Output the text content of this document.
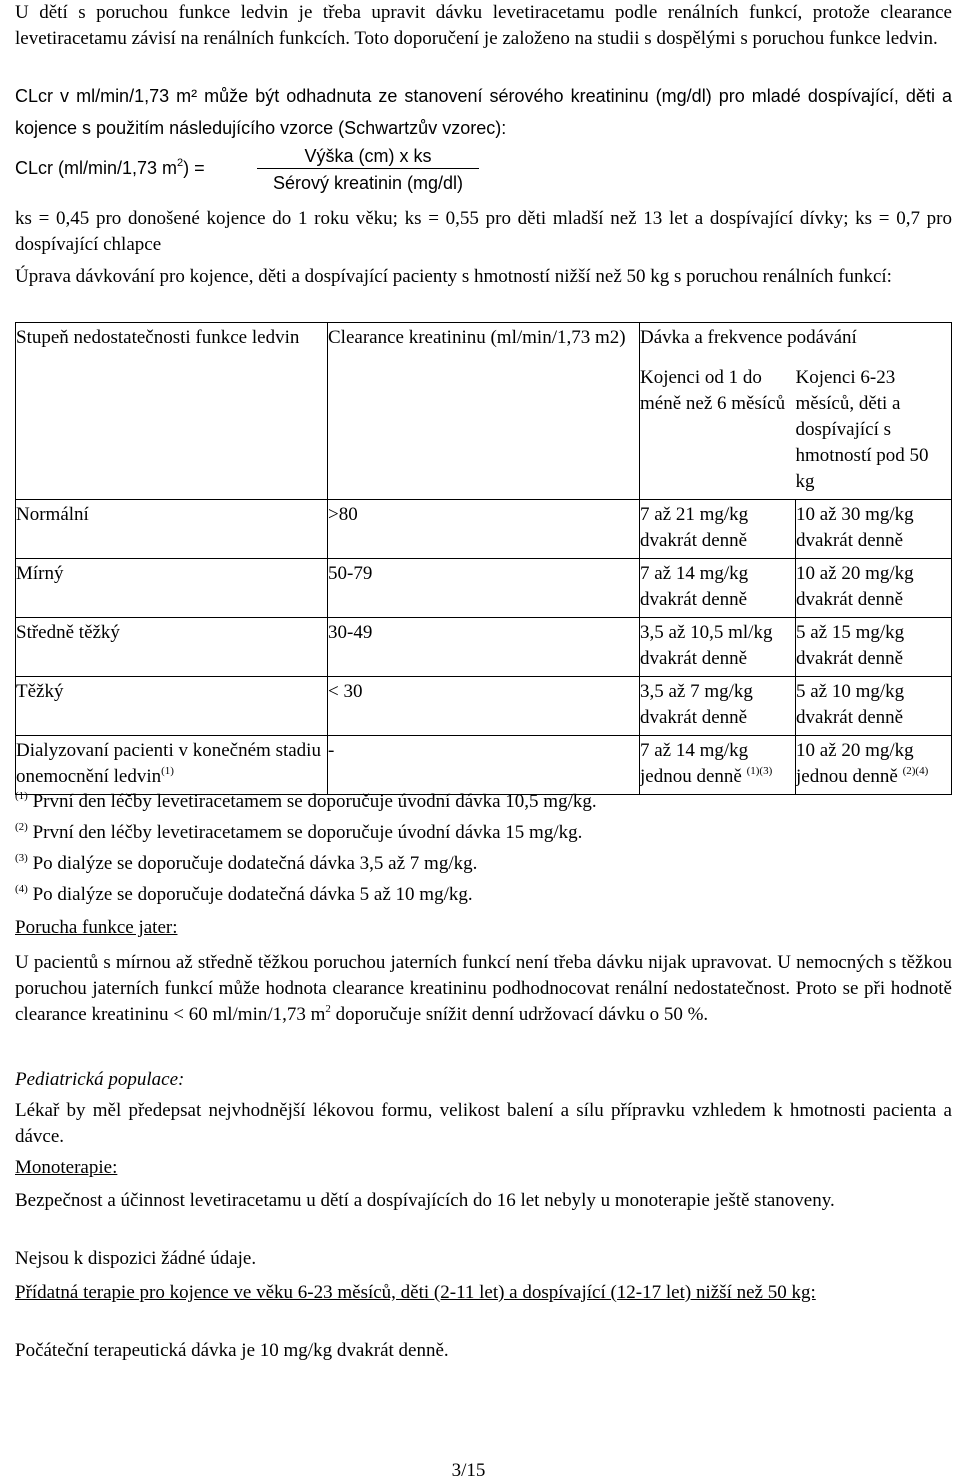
U dětí s poruchou funkce ledvin je třeba upravit dávku levetiracetamu podle renálních funkcí, protože clearance levetiracetamu závisí na renálních funkcích. Toto doporučení je založeno na studii s dospělými s poruchou funkce ledvin.

CLcr v ml/min/1,73 m² může být odhadnuta ze stanovení sérového kreatininu (mg/dl) pro mladé dospívající, děti a kojence s použitím následujícího vzorce (Schwartzův vzorec):

CLcr (ml/min/1,73 $m^2$) =
Výška (cm) x ks
Sérový kreatinin (mg/dl)

ks = 0,45 pro donošené kojence do 1 roku věku; ks = 0,55 pro děti mladší než 13 let a dospívající dívky; ks = 0,7 pro dospívající chlapce

Úprava dávkování pro kojence, děti a dospívající pacienty s hmotností nižší než 50 kg s poruchou renálních funkcí:

Stupeň nedostatečnosti funkce ledvin	Clearance kreatininu (ml/min/1,73 m2)	Dávka a frekvence podávání	

		Kojenci od 1 do méně než 6 měsíců	Kojenci 6-23 měsíců, děti a dospívající s hmotností pod 50 kg

Normální	>80	7 až 21 mg/kg dvakrát denně	10 až 30 mg/kg dvakrát denně

Mírný	50-79	7 až 14 mg/kg dvakrát denně	10 až 20 mg/kg dvakrát denně

Středně těžký	30-49	3,5 až 10,5 ml/kg dvakrát denně	5 až 15 mg/kg dvakrát denně

Těžký	< 30	3,5 až 7 mg/kg dvakrát denně	5 až 10 mg/kg dvakrát denně

Dialyzovaní pacienti v konečném stadiu onemocnění ledvin$^{(1)}$	-	7 až 14 mg/kg jednou denně $^{(1)(3)}$	10 až 20 mg/kg jednou denně $^{(2)(4)}$

$^{(1)}$ První den léčby levetiracetamem se doporučuje úvodní dávka 10,5 mg/kg.

$^{(2)}$ První den léčby levetiracetamem se doporučuje úvodní dávka 15 mg/kg.

$^{(3)}$ Po dialýze se doporučuje dodatečná dávka 3,5 až 7 mg/kg.

$^{(4)}$ Po dialýze se doporučuje dodatečná dávka 5 až 10 mg/kg.

Porucha funkce jater:

U pacientů s mírnou až středně těžkou poruchou jaterních funkcí není třeba dávku nijak upravovat. U nemocných s těžkou poruchou jaterních funkcí může hodnota clearance kreatininu podhodnocovat renální nedostatečnost. Proto se při hodnotě clearance kreatininu < 60 ml/min/1,73 $m^2$ doporučuje snížit denní udržovací dávku o 50 %.

Pediatrická populace:

Lékař by měl předepsat nejvhodnější lékovou formu, velikost balení a sílu přípravku vzhledem k hmotnosti pacienta a dávce.

Monoterapie:

Bezpečnost a účinnost levetiracetamu u dětí a dospívajících do 16 let nebyly u monoterapie ještě stanoveny.

Nejsou k dispozici žádné údaje.

Přídatná terapie pro kojence ve věku 6-23 měsíců, děti (2-11 let) a dospívající (12-17 let) nižší než 50 kg:

Počáteční terapeutická dávka je 10 mg/kg dvakrát denně.

3/15
